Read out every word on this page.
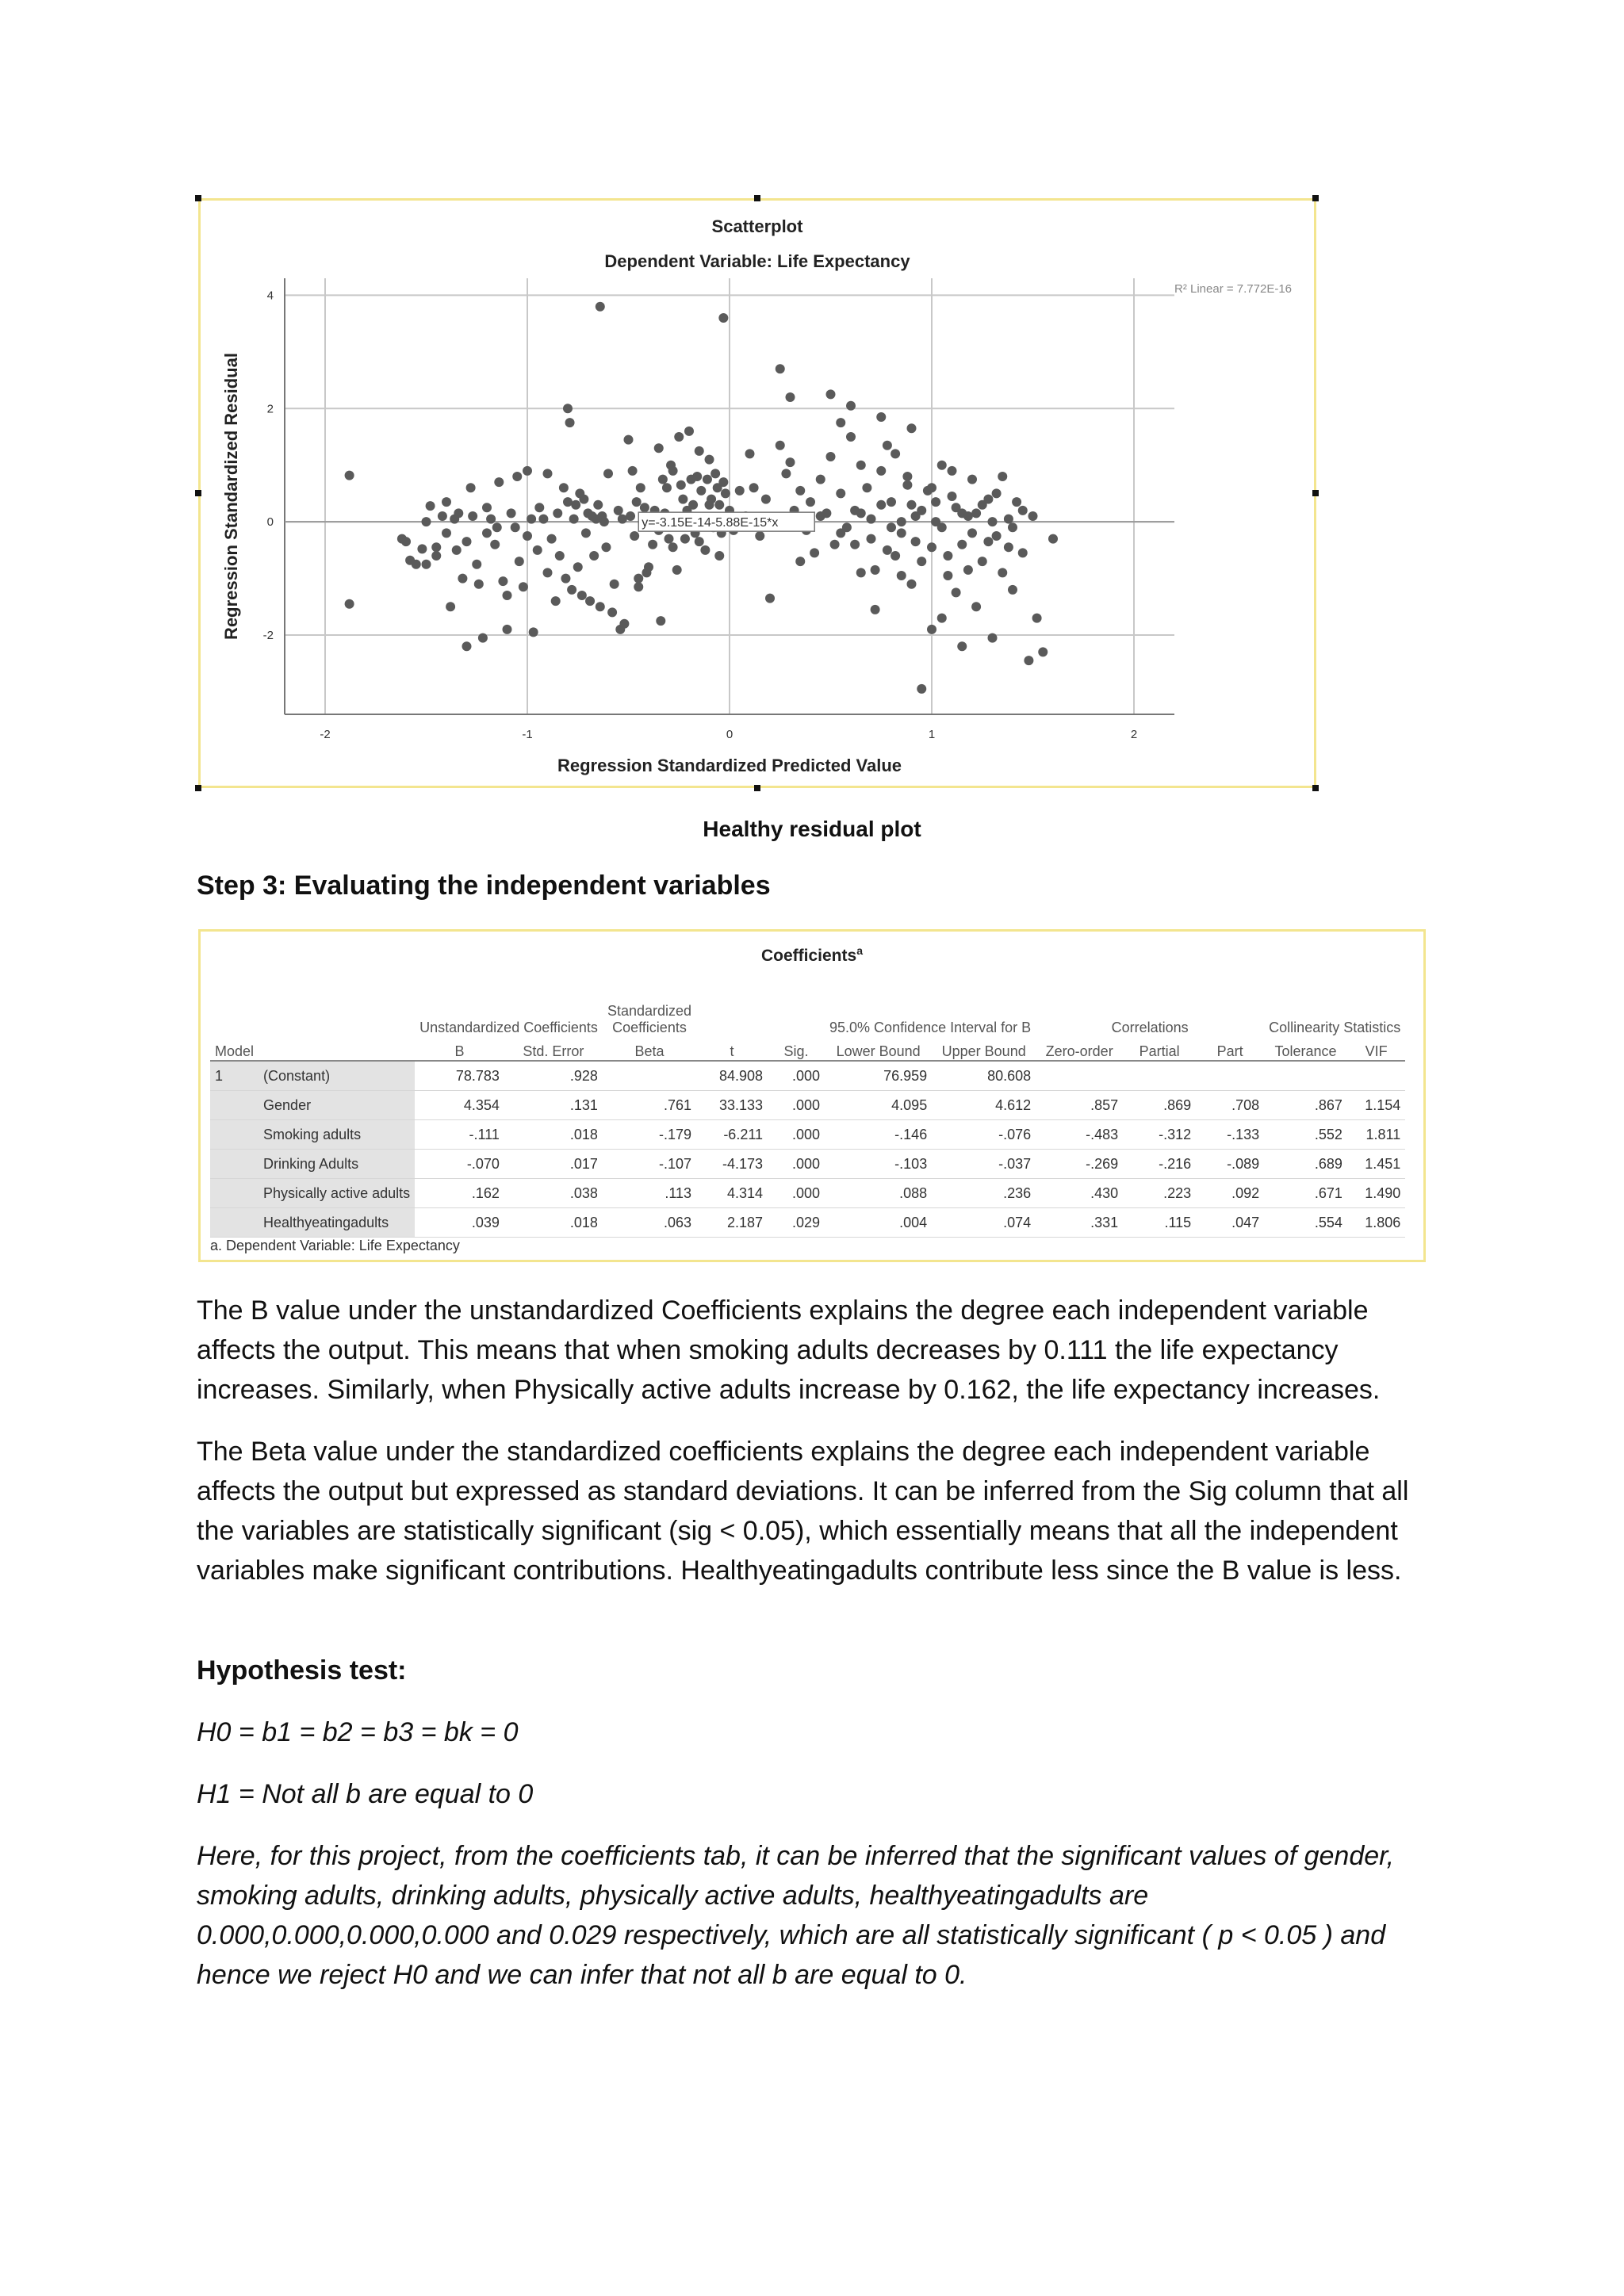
-2	-1	0	1	2
-2
0
2
4
y=-3.15E-14-5.88E-15*x
Scatterplot
Dependent Variable: Life Expectancy
Regression Standardized Predicted Value
Regression Standardized Residual
R² Linear = 7.772E-16
Healthy residual plot
Step 3: Evaluating the independent variables
Coefficients$^a$
		Unstandardized Coefficients		Standardized
Coefficients			95.0% Confidence Interval for B		Correlations			Collinearity Statistics	
Model		B	Std. Error	Beta	t	Sig.	Lower Bound	Upper Bound	Zero-order	Partial	Part	Tolerance	VIF
1	(Constant)	78.783	.928		84.908	.000	76.959	80.608					
	Gender	4.354	.131	.761	33.133	.000	4.095	4.612	.857	.869	.708	.867	1.154
	Smoking adults	-.111	.018	-.179	-6.211	.000	-.146	-.076	-.483	-.312	-.133	.552	1.811
	Drinking Adults	-.070	.017	-.107	-4.173	.000	-.103	-.037	-.269	-.216	-.089	.689	1.451
	Physically active adults	.162	.038	.113	4.314	.000	.088	.236	.430	.223	.092	.671	1.490
	Healthyeatingadults	.039	.018	.063	2.187	.029	.004	.074	.331	.115	.047	.554	1.806
a. Dependent Variable: Life Expectancy

The B value under the unstandardized Coefficients explains the degree each independent variable affects the output. This means that when smoking adults decreases by 0.111 the life expectancy increases. Similarly, when Physically active adults increase by 0.162, the life expectancy increases.

The Beta value under the standardized coefficients explains the degree each independent variable affects the output but expressed as standard deviations. It can be inferred from the Sig column that all the variables are statistically significant (sig < 0.05), which essentially means that all the independent variables make significant contributions. Healthyeatingadults contribute less since the B value is less.

Hypothesis test:

H0 = b1 = b2 = b3 = bk = 0

H1 = Not all b are equal to 0

Here, for this project, from the coefficients tab, it can be inferred that the significant values of gender, smoking adults, drinking adults, physically active adults, healthyeatingadults are 0.000,0.000,0.000,0.000 and 0.029 respectively, which are all statistically significant ( p < 0.05 ) and hence we reject H0 and we can infer that not all b are equal to 0.
